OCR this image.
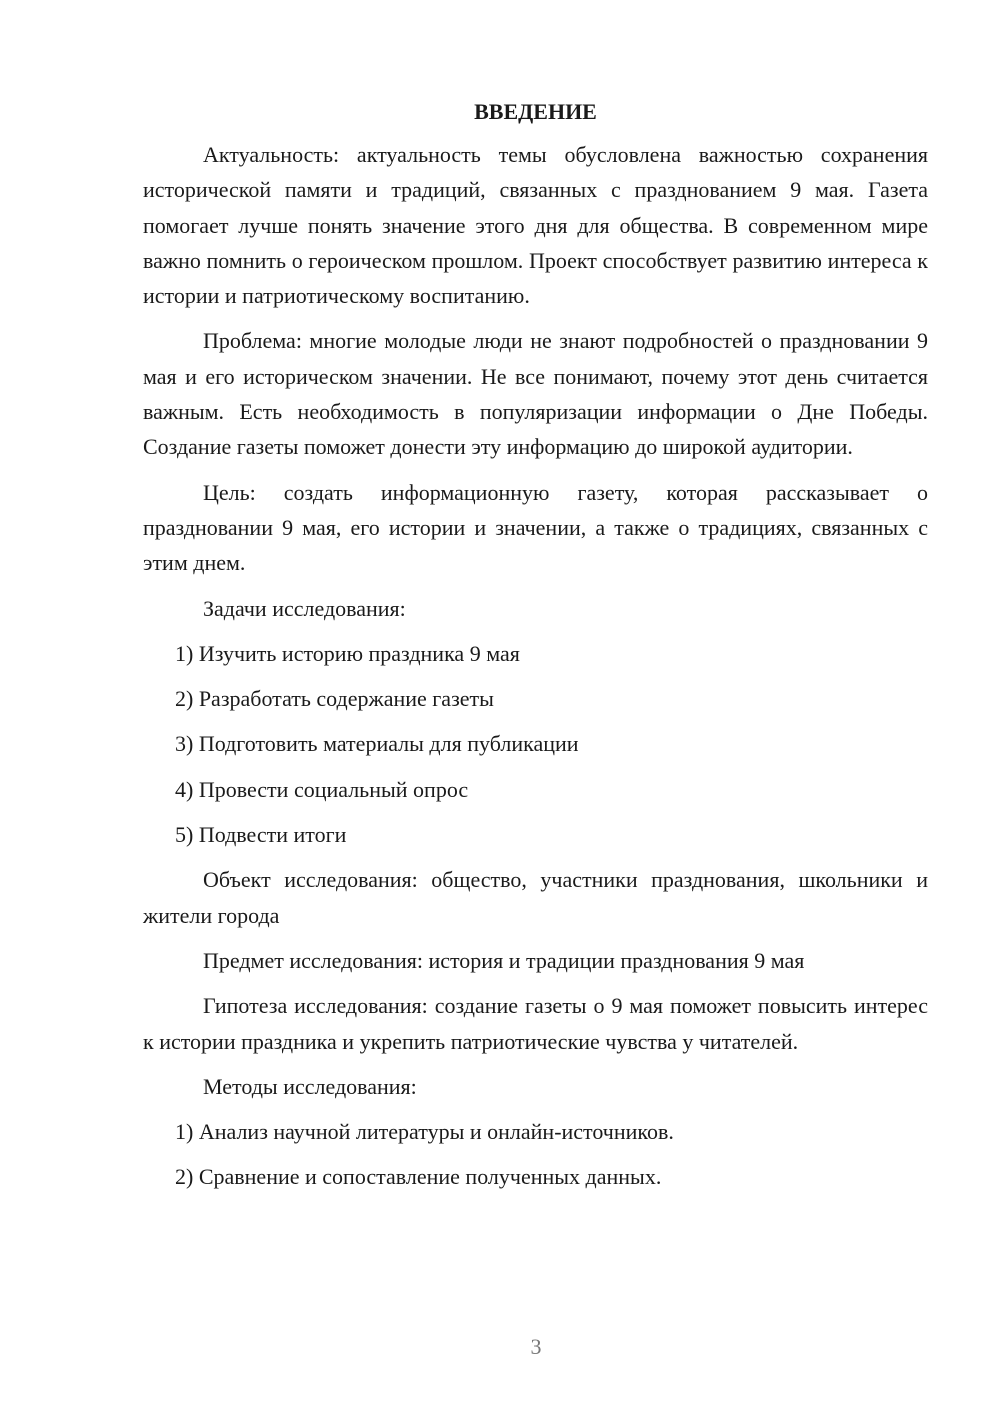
ВВЕДЕНИЕ

Актуальность: актуальность темы обусловлена важностью сохранения исторической памяти и традиций, связанных с празднованием 9 мая. Газета помогает лучше понять значение этого дня для общества. В современном мире важно помнить о героическом прошлом. Проект способствует развитию интереса к истории и патриотическому воспитанию.

Проблема: многие молодые люди не знают подробностей о праздновании 9 мая и его историческом значении. Не все понимают, почему этот день считается важным. Есть необходимость в популяризации информации о Дне Победы. Создание газеты поможет донести эту информацию до широкой аудитории.

Цель: создать информационную газету, которая рассказывает о праздновании 9 мая, его истории и значении, а также о традициях, связанных с этим днем.

Задачи исследования:

1) Изучить историю праздника 9 мая

2) Разработать содержание газеты

3) Подготовить материалы для публикации

4) Провести социальный опрос

5) Подвести итоги

Объект исследования: общество, участники празднования, школьники и жители города

Предмет исследования: история и традиции празднования 9 мая

Гипотеза исследования: создание газеты о 9 мая поможет повысить интерес к истории праздника и укрепить патриотические чувства у читателей.

Методы исследования:

1) Анализ научной литературы и онлайн-источников.

2) Сравнение и сопоставление полученных данных.

3
